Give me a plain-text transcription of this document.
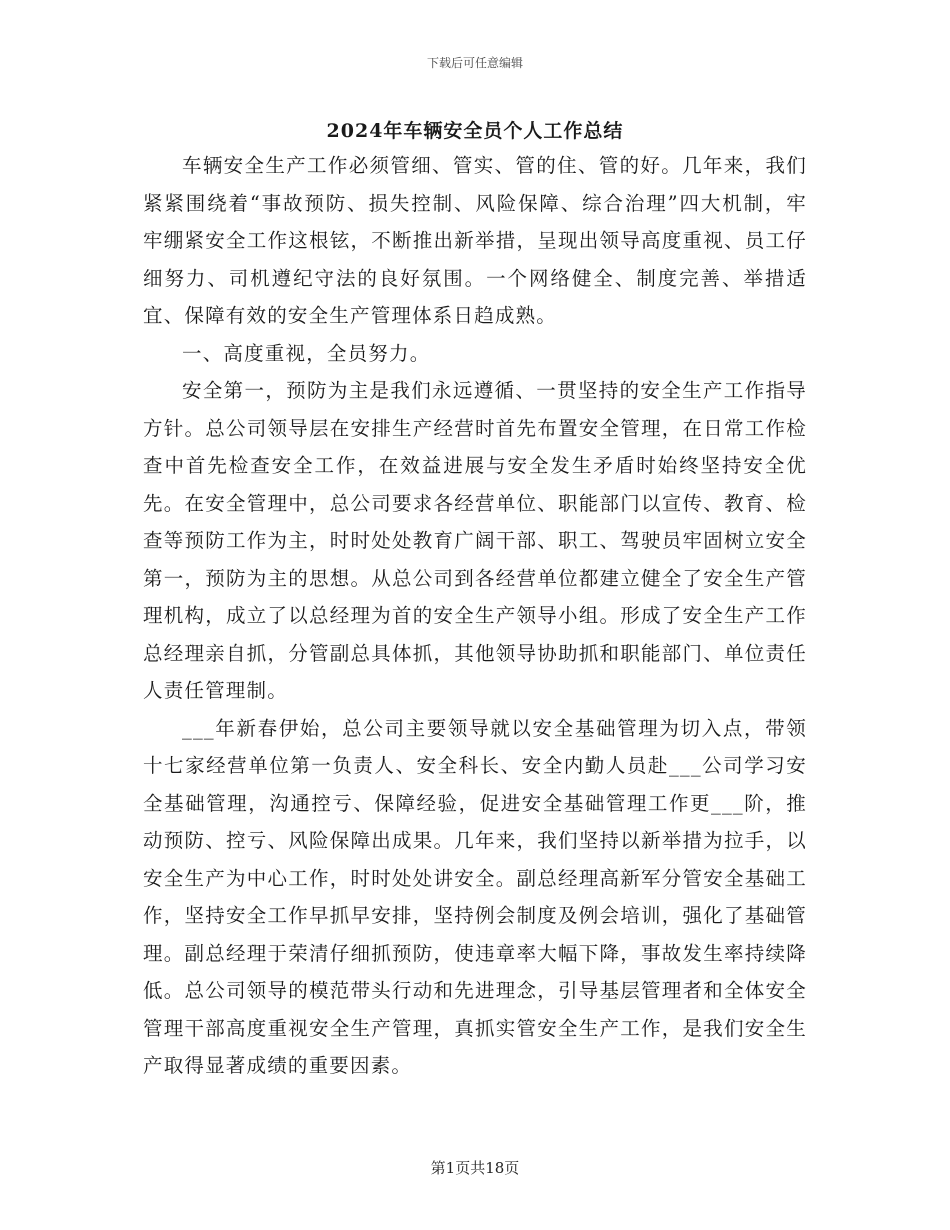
下载后可任意编辑
2024年车辆安全员个人工作总结

车辆安全生产工作必须管细、管实、管的住、管的好。几年来，我们紧紧围绕着“事故预防、损失控制、风险保障、综合治理”四大机制，牢牢绷紧安全工作这根铉，不断推出新举措，呈现出领导高度重视、员工仔细努力、司机遵纪守法的良好氛围。一个网络健全、制度完善、举措适宜、保障有效的安全生产管理体系日趋成熟。

一、高度重视，全员努力。

安全第一，预防为主是我们永远遵循、一贯坚持的安全生产工作指导方针。总公司领导层在安排生产经营时首先布置安全管理，在日常工作检查中首先检查安全工作，在效益进展与安全发生矛盾时始终坚持安全优先。在安全管理中，总公司要求各经营单位、职能部门以宣传、教育、检查等预防工作为主，时时处处教育广阔干部、职工、驾驶员牢固树立安全第一，预防为主的思想。从总公司到各经营单位都建立健全了安全生产管理机构，成立了以总经理为首的安全生产领导小组。形成了安全生产工作总经理亲自抓，分管副总具体抓，其他领导协助抓和职能部门、单位责任人责任管理制。

___年新春伊始，总公司主要领导就以安全基础管理为切入点，带领十七家经营单位第一负责人、安全科长、安全内勤人员赴___公司学习安全基础管理，沟通控亏、保障经验，促进安全基础管理工作更___阶，推动预防、控亏、风险保障出成果。几年来，我们坚持以新举措为拉手，以安全生产为中心工作，时时处处讲安全。副总经理高新军分管安全基础工作，坚持安全工作早抓早安排，坚持例会制度及例会培训，强化了基础管理。副总经理于荣清仔细抓预防，使违章率大幅下降，事故发生率持续降低。总公司领导的模范带头行动和先进理念，引导基层管理者和全体安全管理干部高度重视安全生产管理，真抓实管安全生产工作，是我们安全生产取得显著成绩的重要因素。

第1页共18页
